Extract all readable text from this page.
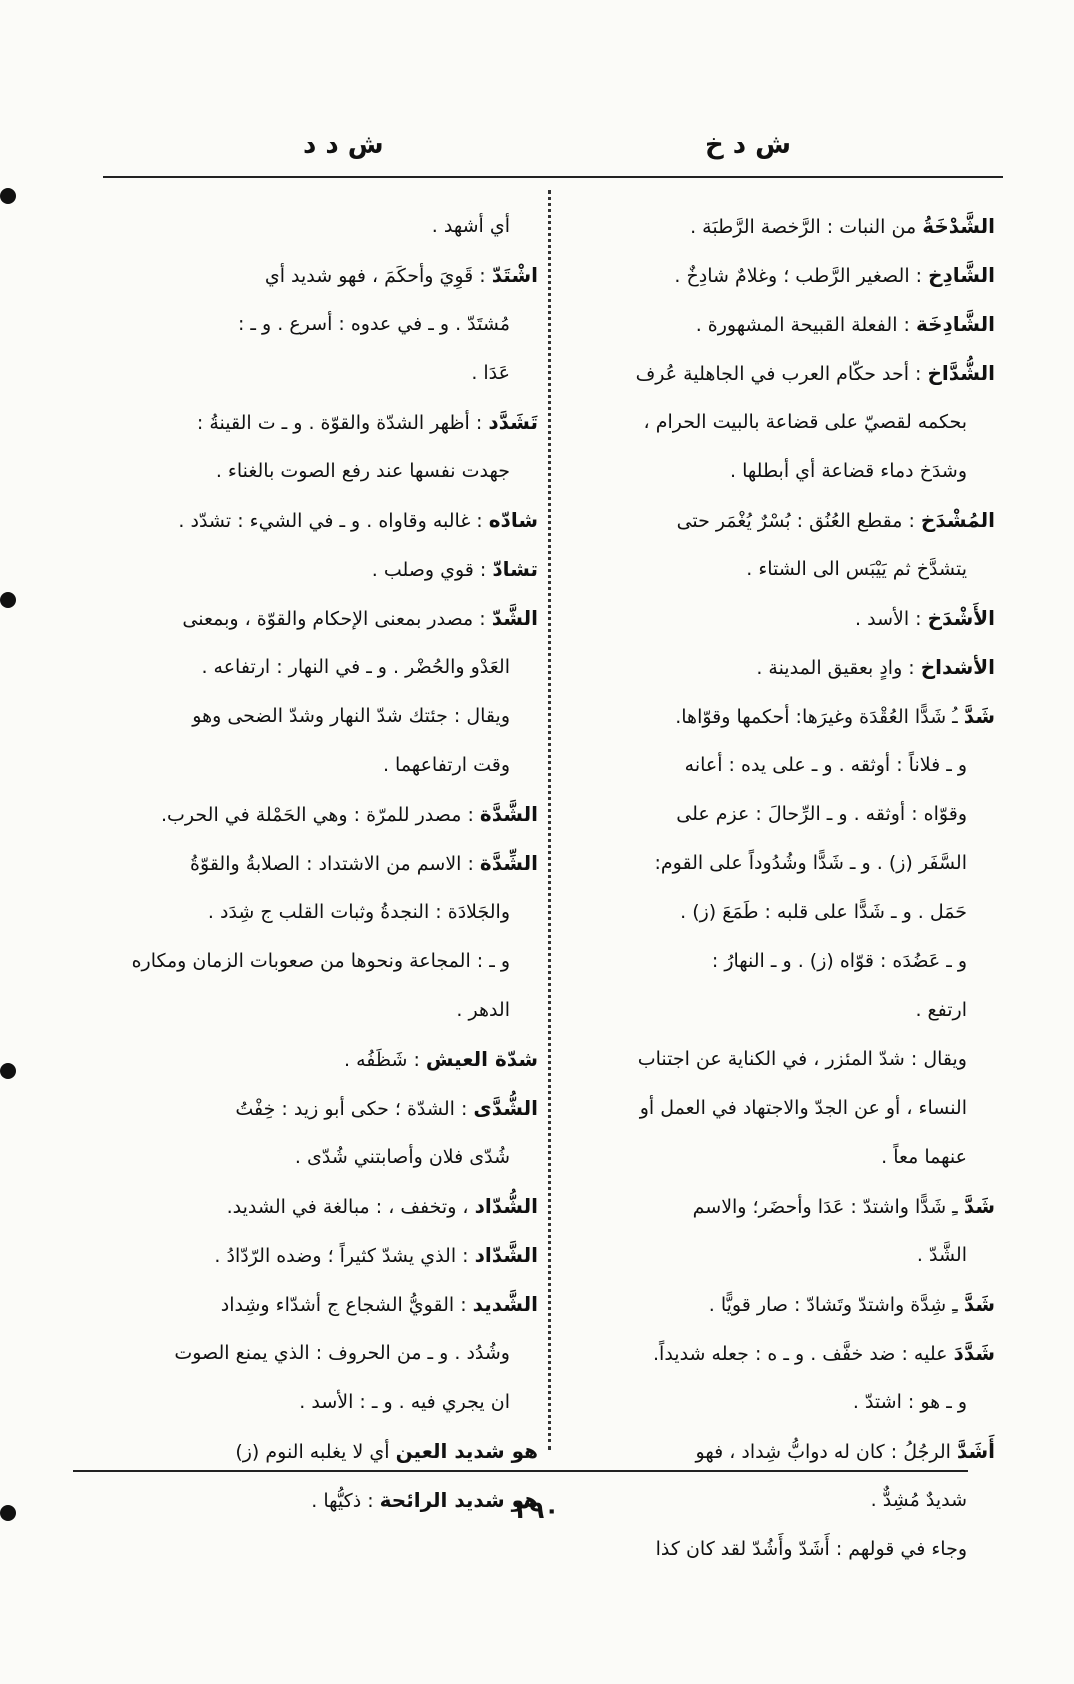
ش د خ
ش د د
الشَّدْخَةُ من النبات : الرَّخصة الرَّطبَة .
الشَّادِخ : الصغير الرَّطب ؛ وغلامٌ شادِخٌ .
الشَّادِخَة : الفعلة القبيحة المشهورة .
الشُّدَّاخ : أحد حكّام العرب في الجاهلية عُرف
بحكمه لقصيّ على قضاعة بالبيت الحرام ،
وشدَخ دماء قضاعة أي أبطلها .
المُشْدَخ : مقطع العُنُق : بُسْرٌ يُغْمَر حتى
يتشدَّخ ثم يَيْبَس الى الشتاء .
الأَشْدَخ : الأسد .
الأشداخ : وادٍ بعقيق المدينة .
شَدَّ ـُ شَدًّا العُقْدَة وغيرَها: أحكمها وقوّاها.
و ـ فلاناً : أوثقه . و ـ على يده : أعانه
وقوّاه : أوثقه . و ـ الرِّحالَ : عزم على
السَّفَر (ز) . و ـ شَدًّا وشُدُوداً على القوم:
حَمَل . و ـ شَدًّا على قلبه : طَمَعَ (ز) .
و ـ عَضُدَه : قوّاه (ز) . و ـ النهارُ :
ارتفع .
ويقال : شدّ المئزر ، في الكناية عن اجتناب
النساء ، أو عن الجدّ والاجتهاد في العمل أو
عنهما معاً .
شَدَّ ـِ شَدًّا واشتدّ : عَدَا وأحضَر؛ والاسم
الشَّدّ .
شَدَّ ـِ شِدَّة واشتدّ وتَشادّ : صار قويًّا .
شَدَّدَ عليه : ضد خفَّف . و ـ ه : جعله شديداً.
و ـ هو : اشتدّ .
أَشَدَّ الرجُلُ : كان له دوابُّ شِداد ، فهو
شديدٌ مُشِدٌّ .
وجاء في قولهم : أَشَدّ وأَشُدّ لقد كان كذا
أي أشهد .
اشْتَدّ : قَوِيَ وأحكَمَ ، فهو شديد أي
مُشتَدّ . و ـ في عدوه : أسرع . و ـ :
عَدَا .
تَشَدَّد : أظهر الشدّة والقوّة . و ـ ت القينةُ :
جهدت نفسها عند رفع الصوت بالغناء .
شادّه : غالبه وقاواه . و ـ في الشيء : تشدّد .
تشادّ : قوي وصلب .
الشَّدّ : مصدر بمعنى الإحكام والقوّة ، وبمعنى
العَدْو والحُضْر . و ـ في النهار : ارتفاعه .
ويقال : جئتك شدّ النهار وشدّ الضحى وهو
وقت ارتفاعهما .
الشَّدَّة : مصدر للمرّة : وهي الحَمْلة في الحرب.
الشِّدَّة : الاسم من الاشتداد : الصلابةُ والقوّةُ
والجَلادَة : النجدةُ وثبات القلب ج شِدَد .
و ـ : المجاعة ونحوها من صعوبات الزمان ومكاره
الدهر .
شدّة العيش : شَظَفُه .
الشُّدَّى : الشدّة ؛ حكى أبو زيد : خِفْتُ
شُدّى فلان وأصابتني شُدّى .
الشُّدّاد ، وتخفف ، : مبالغة في الشديد.
الشَّدّاد : الذي يشدّ كثيراً ؛ وضده الرّدّادُ .
الشَّديد : القويُّ الشجاع ج أشدّاء وشِداد
وشُدُد . و ـ من الحروف : الذي يمنع الصوت
ان يجري فيه . و ـ : الأسد .
هو شديد العين أي لا يغلبه النوم (ز)
هو شديد الرائحة : ذكيُّها .	٢٩٠
